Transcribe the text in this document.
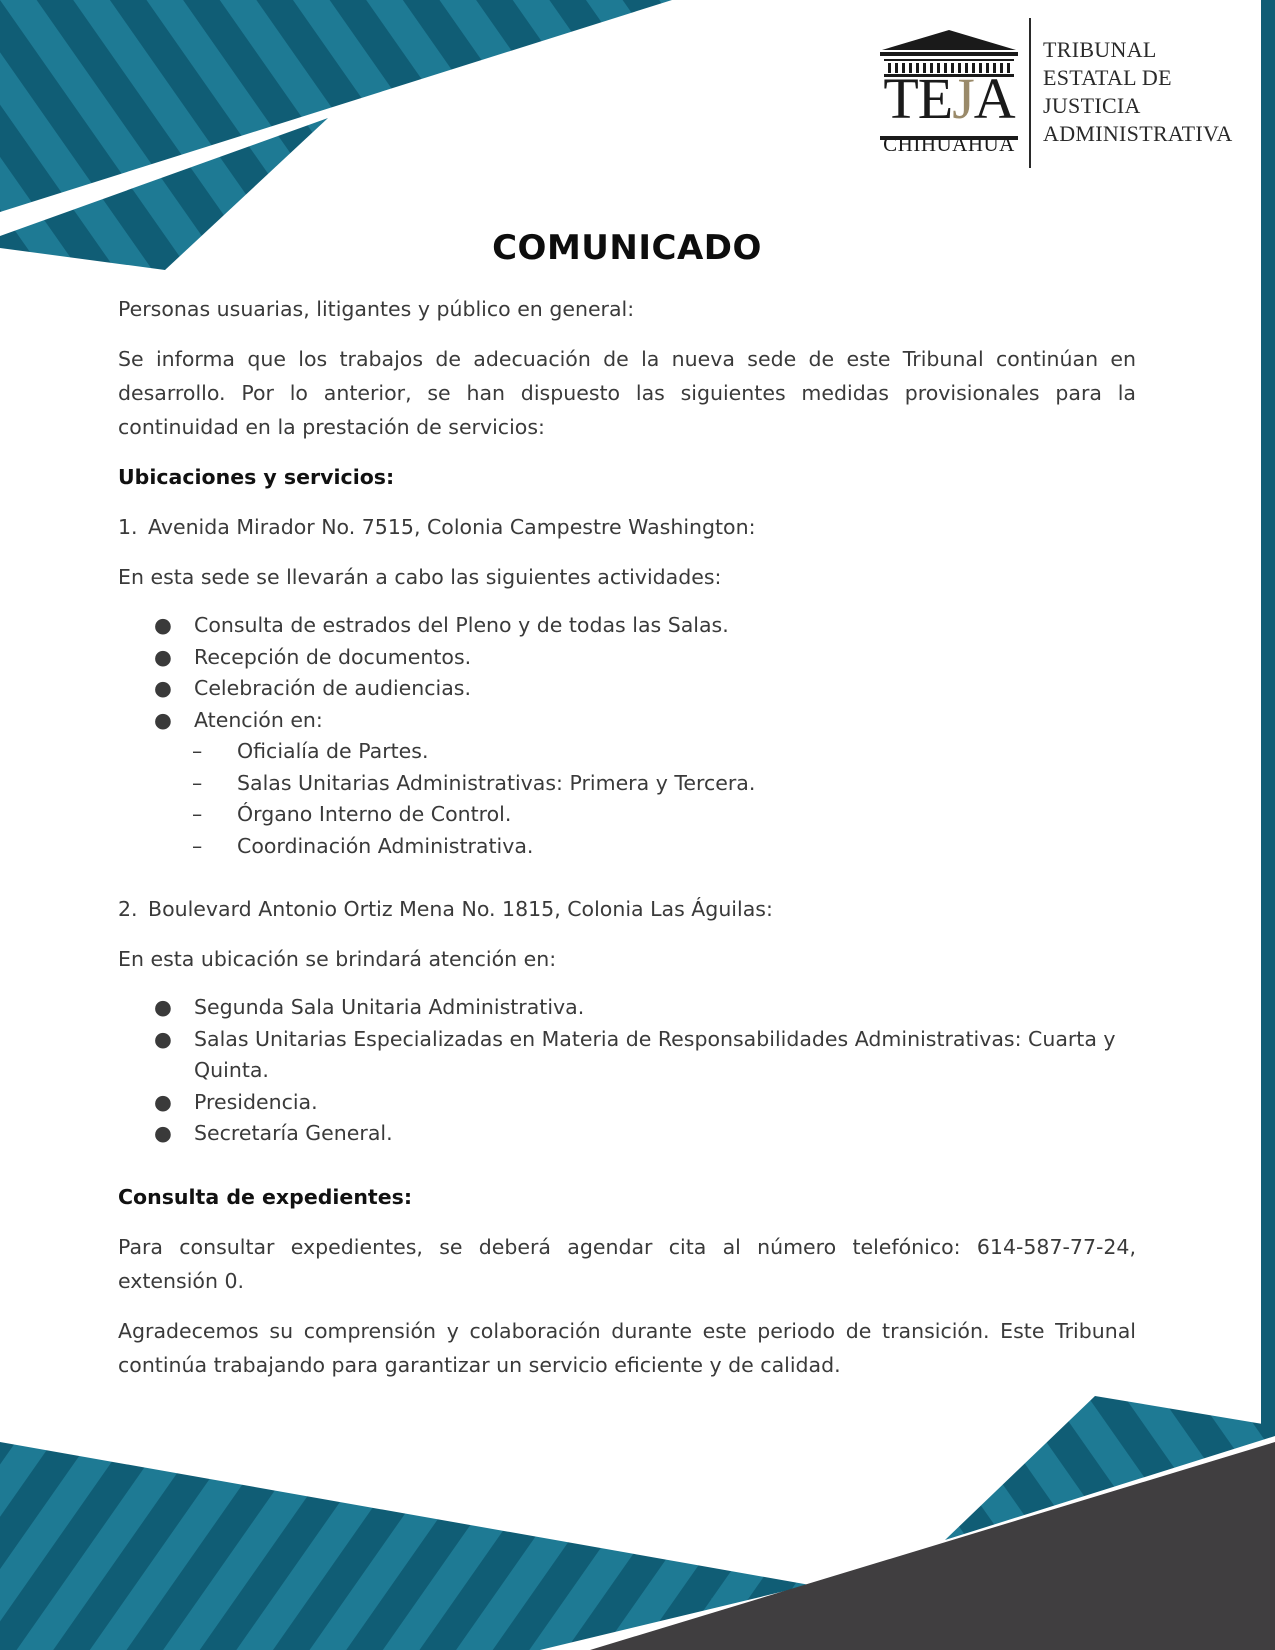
TEJA
CHIHUAHUA
TRIBUNAL
ESTATAL DE
JUSTICIA
ADMINISTRATIVA
COMUNICADO

Personas usuarias, litigantes y público en general:

Se informa que los trabajos de adecuación de la nueva sede de este Tribunal continúan en desarrollo. Por lo anterior, se han dispuesto las siguientes medidas provisionales para la continuidad en la prestación de servicios:

Ubicaciones y servicios:
1. Avenida Mirador No. 7515, Colonia Campestre Washington:

En esta sede se llevarán a cabo las siguientes actividades:

● Consulta de estrados del Pleno y de todas las Salas.
● Recepción de documentos.
● Celebración de audiencias.
● Atención en:
– Oficialía de Partes.
– Salas Unitarias Administrativas: Primera y Tercera.
– Órgano Interno de Control.
– Coordinación Administrativa.
2. Boulevard Antonio Ortiz Mena No. 1815, Colonia Las Águilas:

En esta ubicación se brindará atención en:

● Segunda Sala Unitaria Administrativa.
● Salas Unitarias Especializadas en Materia de Responsabilidades Administrativas: Cuarta y Quinta.
● Presidencia.
● Secretaría General.
Consulta de expedientes:

Para consultar expedientes, se deberá agendar cita al número telefónico: 614-587-77-24, extensión 0.

Agradecemos su comprensión y colaboración durante este periodo de transición. Este Tribunal continúa trabajando para garantizar un servicio eficiente y de calidad.
